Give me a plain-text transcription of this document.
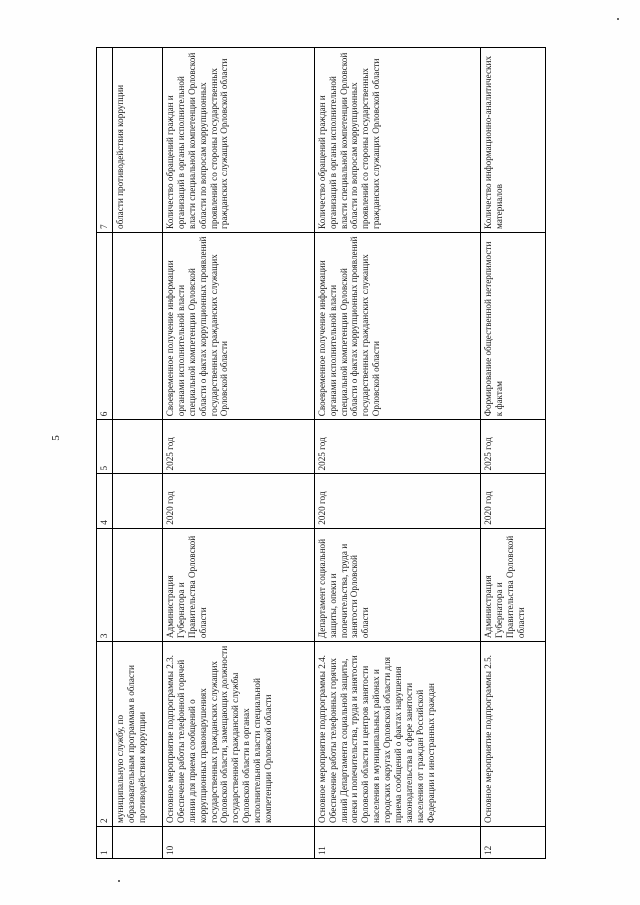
5
1	2	3	4	5	6	7
	муниципальную службу, по образовательным программам в области противодействия коррупции					области противодействия коррупции
10	Основное мероприятие подпрограммы 2.3. Обеспечение работы телефонной горячей линии для приема сообщений о коррупционных правонарушениях государственных гражданских служащих Орловской области, замещающих должности государственной гражданской службы Орловской области в органах исполнительной власти специальной компетенции Орловской области	Администрация Губернатора и Правительства Орловской области	2020 год	2025 год	Своевременное получение информации органами исполнительной власти специальной компетенции Орловской области о фактах коррупционных проявлений государственных гражданских служащих Орловской области	Количество обращений граждан и организаций в органы исполнительной власти специальной компетенции Орловской области по вопросам коррупционных проявлений со стороны государственных гражданских служащих Орловской области
11	Основное мероприятие подпрограммы 2.4. Обеспечение работы телефонных горячих линий Департамента социальной защиты, опеки и попечительства, труда и занятости Орловской области и центров занятости населения в муниципальных районах и городских округах Орловской области для приема сообщений о фактах нарушения законодательства в сфере занятости населения от граждан Российской Федерации и иностранных граждан	Департамент социальной защиты, опеки и попечительства, труда и занятости Орловской области	2020 год	2025 год	Своевременное получение информации органами исполнительной власти специальной компетенции Орловской области о фактах коррупционных проявлений государственных гражданских служащих Орловской области	Количество обращений граждан и организаций в органы исполнительной власти специальной компетенции Орловской области по вопросам коррупционных проявлений со стороны государственных гражданских служащих Орловской области
12	Основное мероприятие подпрограммы 2.5.	Администрация Губернатора и Правительства Орловской области	2020 год	2025 год	Формирование общественной нетерпимости к фактам	Количество информационно-аналитических материалов
